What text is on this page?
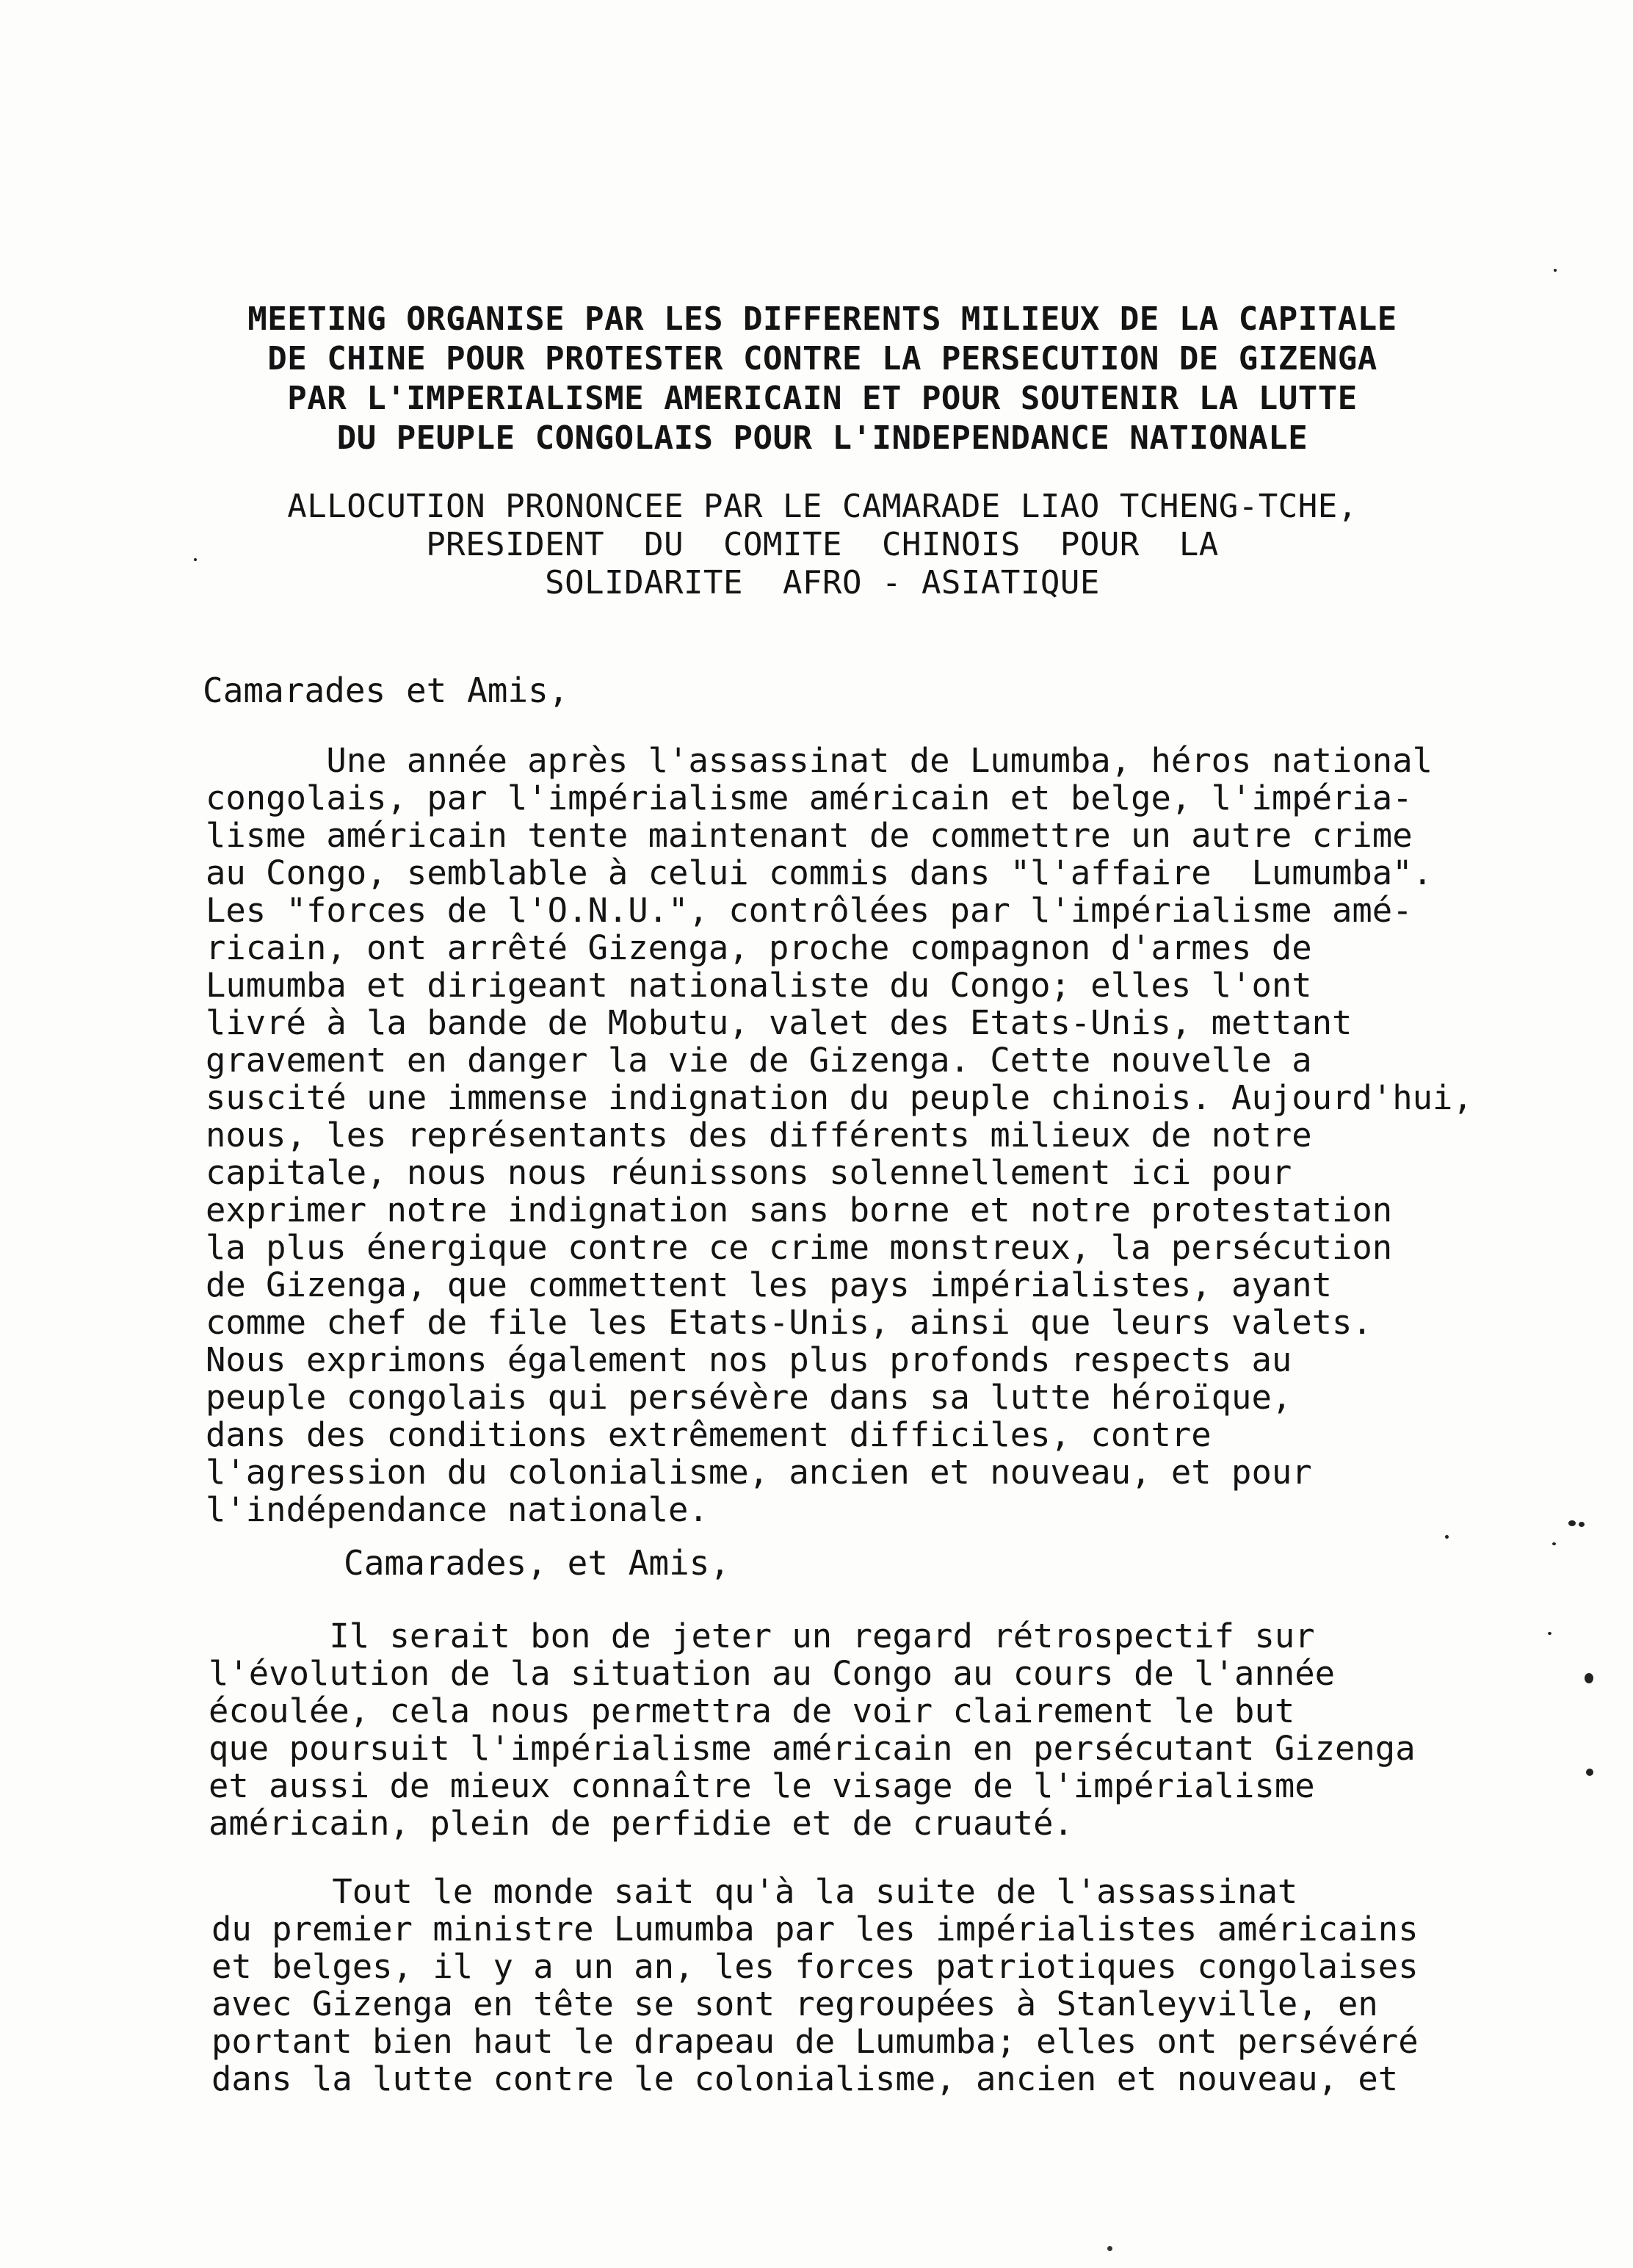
MEETING ORGANISE PAR LES DIFFERENTS MILIEUX DE LA CAPITALE
DE CHINE POUR PROTESTER CONTRE LA PERSECUTION DE GIZENGA
PAR L'IMPERIALISME AMERICAIN ET POUR SOUTENIR LA LUTTE
DU PEUPLE CONGOLAIS POUR L'INDEPENDANCE NATIONALE
ALLOCUTION PRONONCEE PAR LE CAMARADE LIAO TCHENG-TCHE,
PRESIDENT  DU  COMITE  CHINOIS  POUR  LA
SOLIDARITE  AFRO - ASIATIQUE
Camarades et Amis,
Une année après l'assassinat de Lumumba, héros national
congolais, par l'impérialisme américain et belge, l'impéria-
lisme américain tente maintenant de commettre un autre crime
au Congo, semblable à celui commis dans "l'affaire  Lumumba".
Les "forces de l'O.N.U.", contrôlées par l'impérialisme amé-
ricain, ont arrêté Gizenga, proche compagnon d'armes de
Lumumba et dirigeant nationaliste du Congo; elles l'ont
livré à la bande de Mobutu, valet des Etats-Unis, mettant
gravement en danger la vie de Gizenga. Cette nouvelle a
suscité une immense indignation du peuple chinois. Aujourd'hui,
nous, les représentants des différents milieux de notre
capitale, nous nous réunissons solennellement ici pour
exprimer notre indignation sans borne et notre protestation
la plus énergique contre ce crime monstreux, la persécution
de Gizenga, que commettent les pays impérialistes, ayant
comme chef de file les Etats-Unis, ainsi que leurs valets.
Nous exprimons également nos plus profonds respects au
peuple congolais qui persévère dans sa lutte héroïque,
dans des conditions extrêmement difficiles, contre
l'agression du colonialisme, ancien et nouveau, et pour
l'indépendance nationale.
Camarades, et Amis,
Il serait bon de jeter un regard rétrospectif sur
l'évolution de la situation au Congo au cours de l'année
écoulée, cela nous permettra de voir clairement le but
que poursuit l'impérialisme américain en persécutant Gizenga
et aussi de mieux connaître le visage de l'impérialisme
américain, plein de perfidie et de cruauté.
Tout le monde sait qu'à la suite de l'assassinat
du premier ministre Lumumba par les impérialistes américains
et belges, il y a un an, les forces patriotiques congolaises
avec Gizenga en tête se sont regroupées à Stanleyville, en
portant bien haut le drapeau de Lumumba; elles ont persévéré
dans la lutte contre le colonialisme, ancien et nouveau, et
